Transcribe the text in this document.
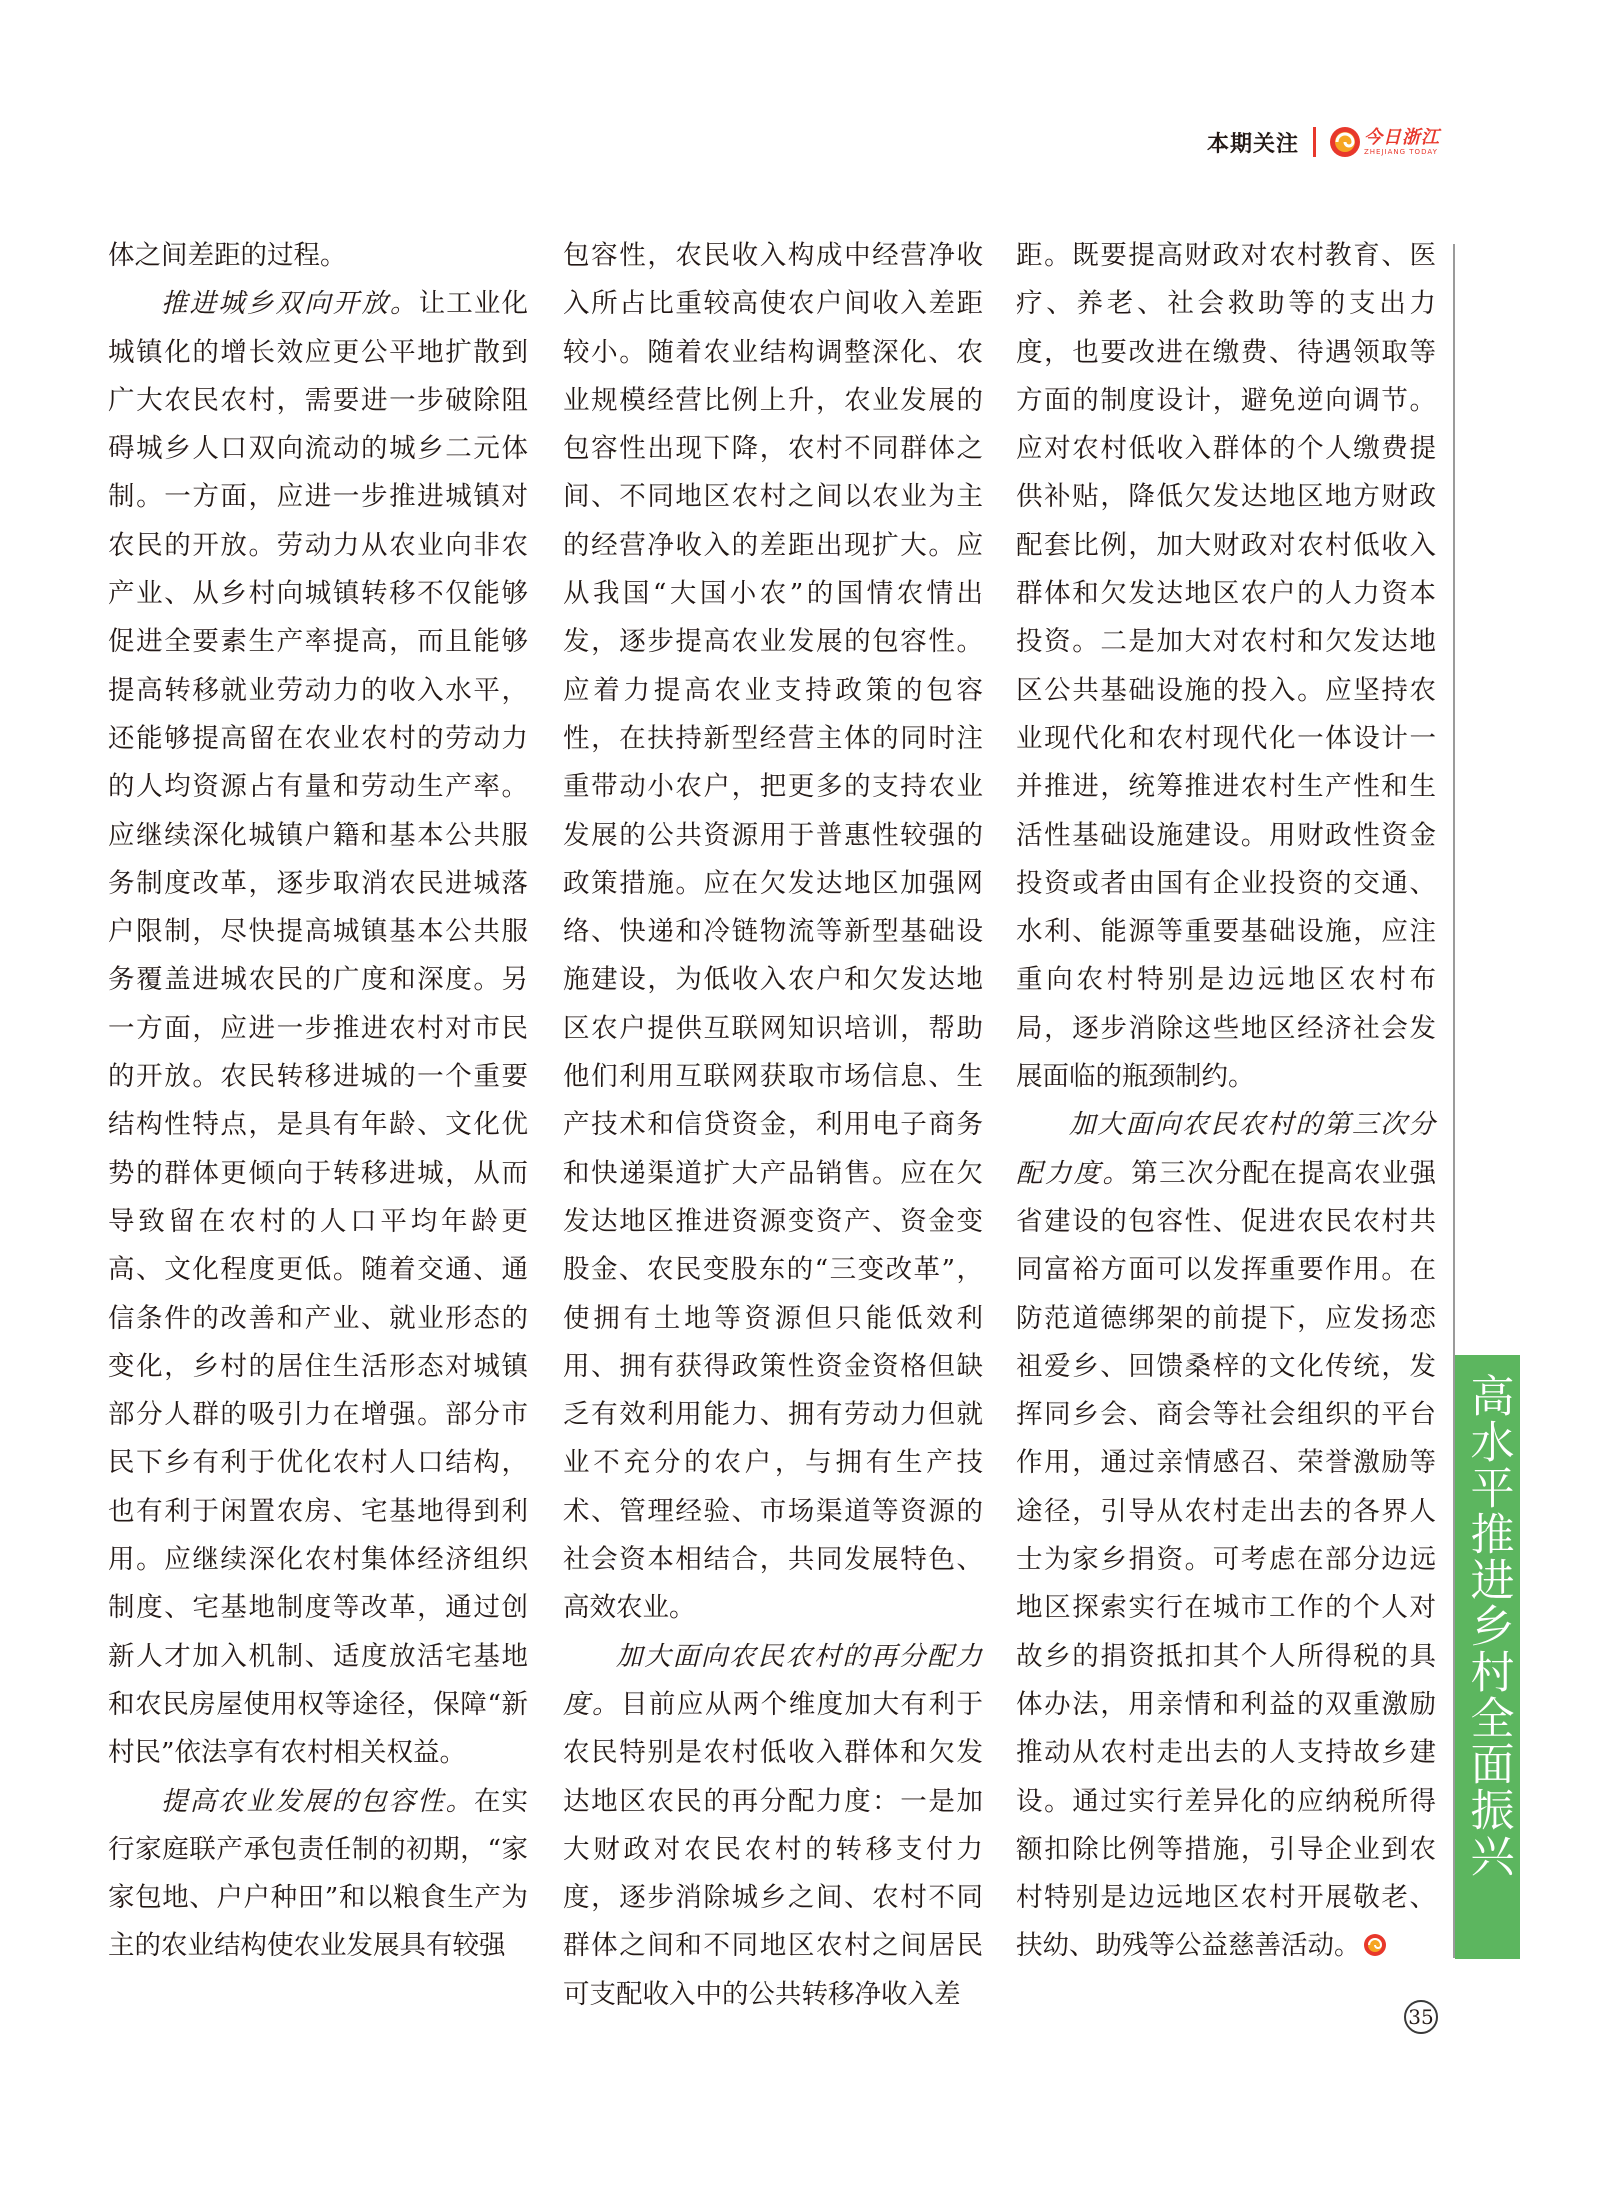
本期关注	今日浙江
ZHEJIANG TODAY

体之间差距的过程。

推进城乡双向开放。让工业化城镇化的增长效应更公平地扩散到广大农民农村，需要进一步破除阻碍城乡人口双向流动的城乡二元体制。一方面，应进一步推进城镇对农民的开放。劳动力从农业向非农产业、从乡村向城镇转移不仅能够促进全要素生产率提高，而且能够提高转移就业劳动力的收入水平，还能够提高留在农业农村的劳动力的人均资源占有量和劳动生产率。应继续深化城镇户籍和基本公共服务制度改革，逐步取消农民进城落户限制，尽快提高城镇基本公共服务覆盖进城农民的广度和深度。另一方面，应进一步推进农村对市民的开放。农民转移进城的一个重要结构性特点，是具有年龄、文化优势的群体更倾向于转移进城，从而导致留在农村的人口平均年龄更高、文化程度更低。随着交通、通信条件的改善和产业、就业形态的变化，乡村的居住生活形态对城镇部分人群的吸引力在增强。部分市民下乡有利于优化农村人口结构，也有利于闲置农房、宅基地得到利用。应继续深化农村集体经济组织制度、宅基地制度等改革，通过创新人才加入机制、适度放活宅基地和农民房屋使用权等途径，保障“新村民”依法享有农村相关权益。

提高农业发展的包容性。在实行家庭联产承包责任制的初期，“家家包地、户户种田”和以粮食生产为主的农业结构使农业发展具有较强

包容性，农民收入构成中经营净收入所占比重较高使农户间收入差距较小。随着农业结构调整深化、农业规模经营比例上升，农业发展的包容性出现下降，农村不同群体之间、不同地区农村之间以农业为主的经营净收入的差距出现扩大。应从我国“大国小农”的国情农情出发，逐步提高农业发展的包容性。应着力提高农业支持政策的包容性，在扶持新型经营主体的同时注重带动小农户，把更多的支持农业发展的公共资源用于普惠性较强的政策措施。应在欠发达地区加强网络、快递和冷链物流等新型基础设施建设，为低收入农户和欠发达地区农户提供互联网知识培训，帮助他们利用互联网获取市场信息、生产技术和信贷资金，利用电子商务和快递渠道扩大产品销售。应在欠发达地区推进资源变资产、资金变股金、农民变股东的“三变改革”，使拥有土地等资源但只能低效利用、拥有获得政策性资金资格但缺乏有效利用能力、拥有劳动力但就业不充分的农户，与拥有生产技术、管理经验、市场渠道等资源的社会资本相结合，共同发展特色、高效农业。

加大面向农民农村的再分配力度。目前应从两个维度加大有利于农民特别是农村低收入群体和欠发达地区农民的再分配力度：一是加大财政对农民农村的转移支付力度，逐步消除城乡之间、农村不同群体之间和不同地区农村之间居民可支配收入中的公共转移净收入差

距。既要提高财政对农村教育、医疗、养老、社会救助等的支出力度，也要改进在缴费、待遇领取等方面的制度设计，避免逆向调节。应对农村低收入群体的个人缴费提供补贴，降低欠发达地区地方财政配套比例，加大财政对农村低收入群体和欠发达地区农户的人力资本投资。二是加大对农村和欠发达地区公共基础设施的投入。应坚持农业现代化和农村现代化一体设计一并推进，统筹推进农村生产性和生活性基础设施建设。用财政性资金投资或者由国有企业投资的交通、水利、能源等重要基础设施，应注重向农村特别是边远地区农村布局，逐步消除这些地区经济社会发展面临的瓶颈制约。

加大面向农民农村的第三次分配力度。第三次分配在提高农业强省建设的包容性、促进农民农村共同富裕方面可以发挥重要作用。在防范道德绑架的前提下，应发扬恋祖爱乡、回馈桑梓的文化传统，发挥同乡会、商会等社会组织的平台作用，通过亲情感召、荣誉激励等途径，引导从农村走出去的各界人士为家乡捐资。可考虑在部分边远地区探索实行在城市工作的个人对故乡的捐资抵扣其个人所得税的具体办法，用亲情和利益的双重激励推动从农村走出去的人支持故乡建设。通过实行差异化的应纳税所得额扣除比例等措施，引导企业到农村特别是边远地区农村开展敬老、扶幼、助残等公益慈善活动。

高水平推进乡村全面振兴
35
